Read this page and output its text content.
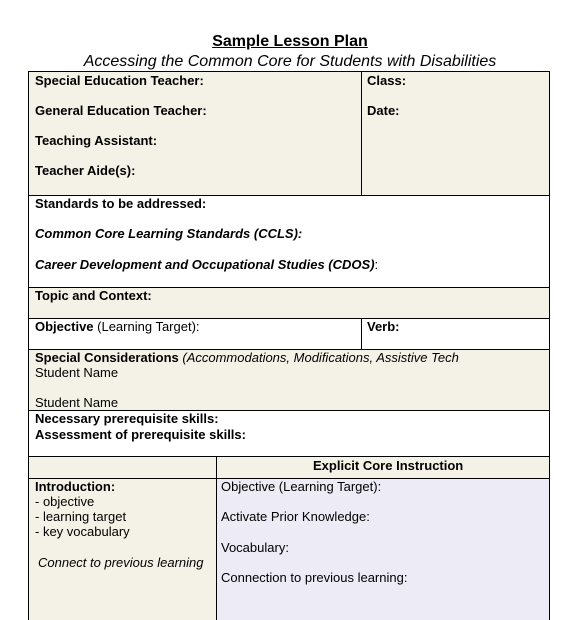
Sample Lesson Plan
Accessing the Common Core for Students with Disabilities
Special Education Teacher:
General Education Teacher:
Teaching Assistant:
Teacher Aide(s):
Class:
Date:
Standards to be addressed:
Common Core Learning Standards (CCLS):
Career Development and Occupational Studies (CDOS):
Topic and Context:
Objective (Learning Target):	Verb:
Special Considerations (Accommodations, Modifications, Assistive Tech
Student Name
Student Name
Necessary prerequisite skills:
Assessment of prerequisite skills:
Explicit Core Instruction
Introduction:
- objective
- learning target
- key vocabulary
Connect to previous learning
Objective (Learning Target):
Activate Prior Knowledge:
Vocabulary:
Connection to previous learning:
